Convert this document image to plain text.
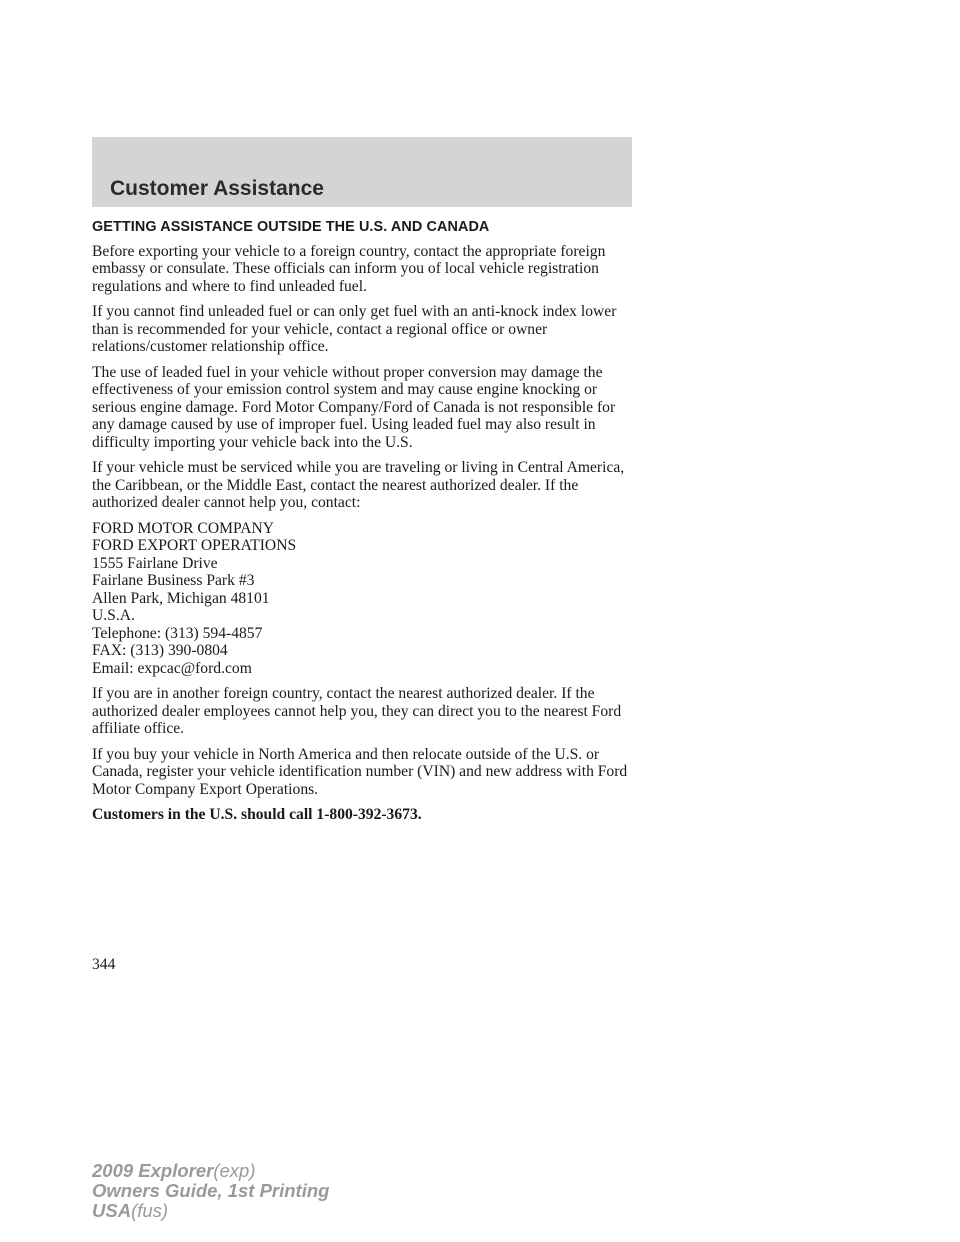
Customer Assistance
GETTING ASSISTANCE OUTSIDE THE U.S. AND CANADA

Before exporting your vehicle to a foreign country, contact the appropriate foreign embassy or consulate. These officials can inform you of local vehicle registration regulations and where to find unleaded fuel.

If you cannot find unleaded fuel or can only get fuel with an anti-knock index lower than is recommended for your vehicle, contact a regional office or owner relations/customer relationship office.

The use of leaded fuel in your vehicle without proper conversion may damage the effectiveness of your emission control system and may cause engine knocking or serious engine damage. Ford Motor Company/Ford of Canada is not responsible for any damage caused by use of improper fuel. Using leaded fuel may also result in difficulty importing your vehicle back into the U.S.

If your vehicle must be serviced while you are traveling or living in Central America, the Caribbean, or the Middle East, contact the nearest authorized dealer. If the authorized dealer cannot help you, contact:

FORD MOTOR COMPANY
FORD EXPORT OPERATIONS
1555 Fairlane Drive
Fairlane Business Park #3
Allen Park, Michigan 48101
U.S.A.
Telephone: (313) 594-4857
FAX: (313) 390-0804
Email: expcac@ford.com

If you are in another foreign country, contact the nearest authorized dealer. If the authorized dealer employees cannot help you, they can direct you to the nearest Ford affiliate office.

If you buy your vehicle in North America and then relocate outside of the U.S. or Canada, register your vehicle identification number (VIN) and new address with Ford Motor Company Export Operations.

Customers in the U.S. should call 1-800-392-3673.

344
2009 Explorer(exp)
Owners Guide, 1st Printing
USA(fus)
